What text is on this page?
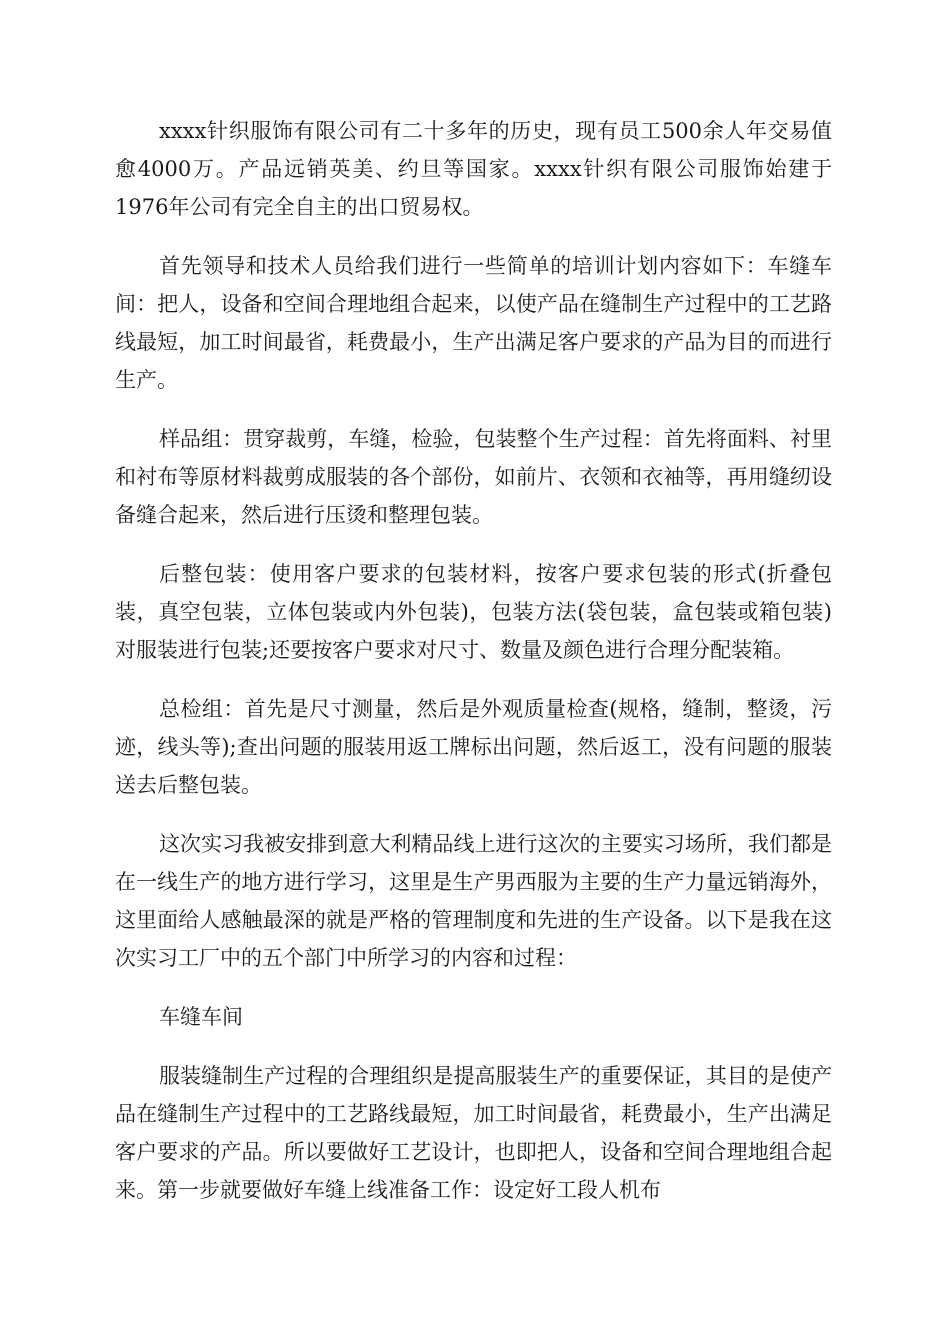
xxxx针织服饰有限公司有二十多年的历史，现有员工500余人年交易值愈4000万。产品远销英美、约旦等国家。xxxx针织有限公司服饰始建于1976年公司有完全自主的出口贸易权。

首先领导和技术人员给我们进行一些简单的培训计划内容如下：车缝车间：把人，设备和空间合理地组合起来，以使产品在缝制生产过程中的工艺路线最短，加工时间最省，耗费最小，生产出满足客户要求的产品为目的而进行生产。

样品组：贯穿裁剪，车缝，检验，包装整个生产过程：首先将面料、衬里和衬布等原材料裁剪成服装的各个部份，如前片、衣领和衣袖等，再用缝纫设备缝合起来，然后进行压烫和整理包装。

后整包装：使用客户要求的包装材料，按客户要求包装的形式(折叠包装，真空包装，立体包装或内外包装)，包装方法(袋包装，盒包装或箱包装)对服装进行包装;还要按客户要求对尺寸、数量及颜色进行合理分配装箱。

总检组：首先是尺寸测量，然后是外观质量检查(规格，缝制，整烫，污迹，线头等);查出问题的服装用返工牌标出问题，然后返工，没有问题的服装送去后整包装。

这次实习我被安排到意大利精品线上进行这次的主要实习场所，我们都是在一线生产的地方进行学习，这里是生产男西服为主要的生产力量远销海外，这里面给人感触最深的就是严格的管理制度和先进的生产设备。以下是我在这次实习工厂中的五个部门中所学习的内容和过程：

车缝车间

服装缝制生产过程的合理组织是提高服装生产的重要保证，其目的是使产品在缝制生产过程中的工艺路线最短，加工时间最省，耗费最小，生产出满足客户要求的产品。所以要做好工艺设计，也即把人，设备和空间合理地组合起来。第一步就要做好车缝上线准备工作：设定好工段人机布
